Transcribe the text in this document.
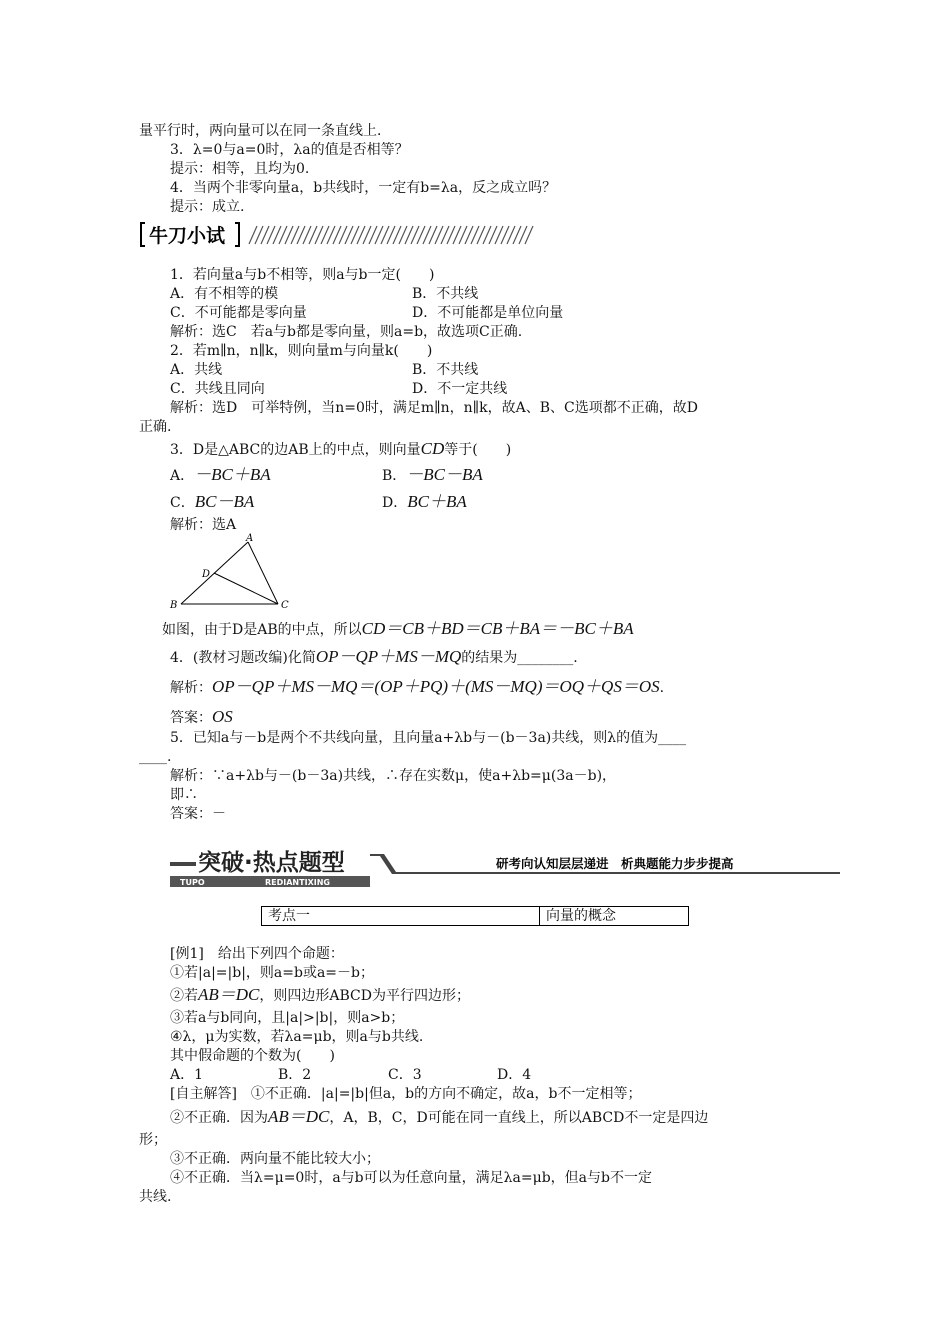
量平行时，两向量可以在同一条直线上．
3．λ=0与a=0时，λa的值是否相等？
提示：相等，且均为0.
4．当两个非零向量a，b共线时，一定有b=λa，反之成立吗？
提示：成立.
牛刀小试
1．若向量a与b不相等，则a与b一定(　　)
A．有不相等的模	B．不共线
C．不可能都是零向量	D．不可能都是单位向量
解析：选C　若a与b都是零向量，则a=b，故选项C正确.
2．若m∥n，n∥k，则向量m与向量k(　　)
A．共线	B．不共线
C．共线且同向	D．不一定共线
解析：选D　可举特例，当n=0时，满足m∥n，n∥k，故A、B、C选项都不正确，故D
正确.
3．D是△ABC的边AB上的中点，则向量CD等于(　　)
A．－BC＋BA	B．－BC－BA
C．BC－BA	D．BC＋BA
解析：选A
A
B	C
D
如图，由于D是AB的中点，所以CD＝CB＋BD＝CB＋BA＝－BC＋BA
4．(教材习题改编)化简OP－QP＋MS－MQ的结果为________.
解析：OP－QP＋MS－MQ＝(OP＋PQ)＋(MS－MQ)＝OQ＋QS＝OS.
答案：OS
5．已知a与－b是两个不共线向量，且向量a+λb与－(b－3a)共线，则λ的值为____
____.
解析：∵a+λb与－(b－3a)共线，∴存在实数μ，使a+λb=μ(3a－b)，
即∴
答案：－
突破·热点题型
TUPO	REDIANTIXING
研考向认知层层递进　析典题能力步步提高
考点一	向量的概念
[例1]　给出下列四个命题：
①若|a|=|b|，则a=b或a=－b；
②若AB＝DC，则四边形ABCD为平行四边形；
③若a与b同向，且|a|>|b|，则a>b；
④λ，μ为实数，若λa=μb，则a与b共线.
其中假命题的个数为(　　)
A．1	B．2	C．3	D．4
[自主解答]　①不正确．|a|=|b|但a，b的方向不确定，故a，b不一定相等；
②不正确．因为AB＝DC，A，B，C，D可能在同一直线上，所以ABCD不一定是四边
形；
③不正确．两向量不能比较大小；
④不正确．当λ=μ=0时，a与b可以为任意向量，满足λa=μb，但a与b不一定
共线.
